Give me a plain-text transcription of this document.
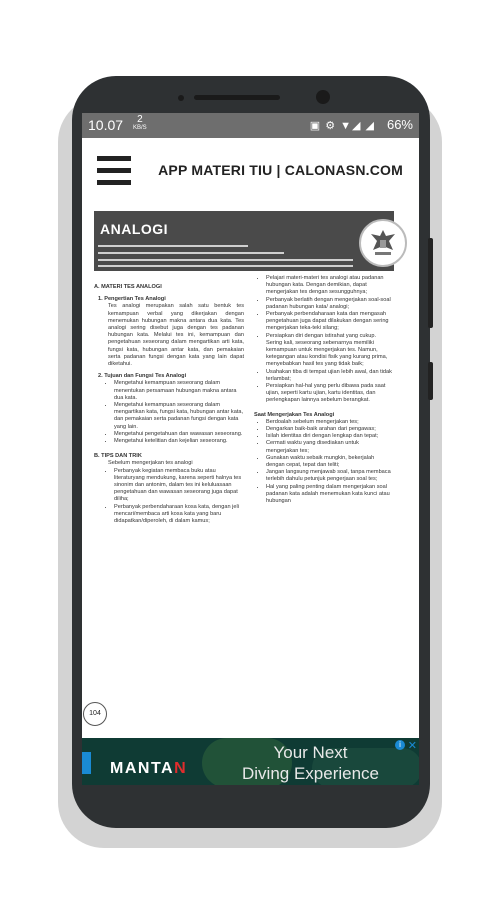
10.07	2
KB/S	▣ ⚙ ▼◢ ◢ 66%
APP MATERI TIU | CALONASN.COM
ANALOGI
A. MATERI TES ANALOGI
1. Pengertian Tes Analogi

Tes analogi merupakan salah satu bentuk tes kemampuan verbal yang dikerjakan dengan menemukan hubungan makna antara dua kata. Tes analogi sering disebut juga dengan tes padanan hubungan kata. Melalui tes ini, kemampuan dan pengetahuan seseorang dalam mengartikan arti kata, fungsi kata, hubungan antar kata, dan pemakaian serta padanan fungsi dengan kata yang lain dapat diketahui.

2. Tujuan dan Fungsi Tes Analogi
• Mengetahui kemampuan seseorang dalam menentukan persamaan hubungan makna antara dua kata.
• Mengetahui kemampuan seseorang dalam mengartikan kata, fungsi kata, hubungan antar kata, dan pemakaian serta padanan fungsi dengan kata yang lain.
• Mengetahui pengetahuan dan wawasan seseorang.
• Mengetahui ketelitian dan kejelian seseorang.
B. TIPS DAN TRIK

Sebelum mengerjakan tes analogi

• Perbanyak kegiatan membaca buku atau literaturyang mendukung, karena seperti halnya tes sinonim dan antonim, dalam tes ini keluluasaan pengetahuan dan wawasan seseorang juga dapat diliha;
• Perbanyak perbendaharaan kosa kata, dengan jeli mencari/membaca arti kosa kata yang baru didapatkan/diperoleh, di dalam kamus;
• Pelajari materi-materi tes analogi atau padanan hubungan kata. Dengan demikian, dapat mengerjakan tes dengan sesungguhnya;
• Perbanyak berlatih dengan mengerjakan soal-soal padanan hubungan kata/ analogi;
• Perbanyak perbendaharaan kata dan mengasah pengetahuan juga dapat dilakukan dengan sering mengerjakan teka-teki silang;
• Persiapkan diri dengan istirahat yang cukup. Sering kali, seseorang sebenarnya memiliki kemampuan untuk mengerjakan tes. Namun, ketegangan atau kondisi fisik yang kurang prima, menyebabkan hasil tes yang tidak baik;
• Usahakan tiba di tempat ujian lebih awal, dan tidak terlambat;
• Persiapkan hal-hal yang perlu dibawa pada saat ujian, seperti kartu ujian, kartu identitas, dan perlengkapan lainnya sebelum berangkat.
Saat Mengerjakan Tes Analogi
• Berdoalah sebelum mengerjakan tes;
• Dengarkan baik-baik arahan dari pengawas;
• Isilah identitas diri dengan lengkap dan tepat;
• Cermati waktu yang disediakan untuk mengerjakan tes;
• Gunakan waktu sebaik mungkin, bekerjalah dengan cepat, tepat dan teliti;
• Jangan langsung menjawab soal, tanpa membaca terlebih dahulu petunjuk pengerjaan soal tes;
• Hal yang paling penting dalam mengerjakan soal padanan kata adalah menemukan kata kunci atau hubungan
104
MANTAN
Your Next
Diving Experience
i ✕
